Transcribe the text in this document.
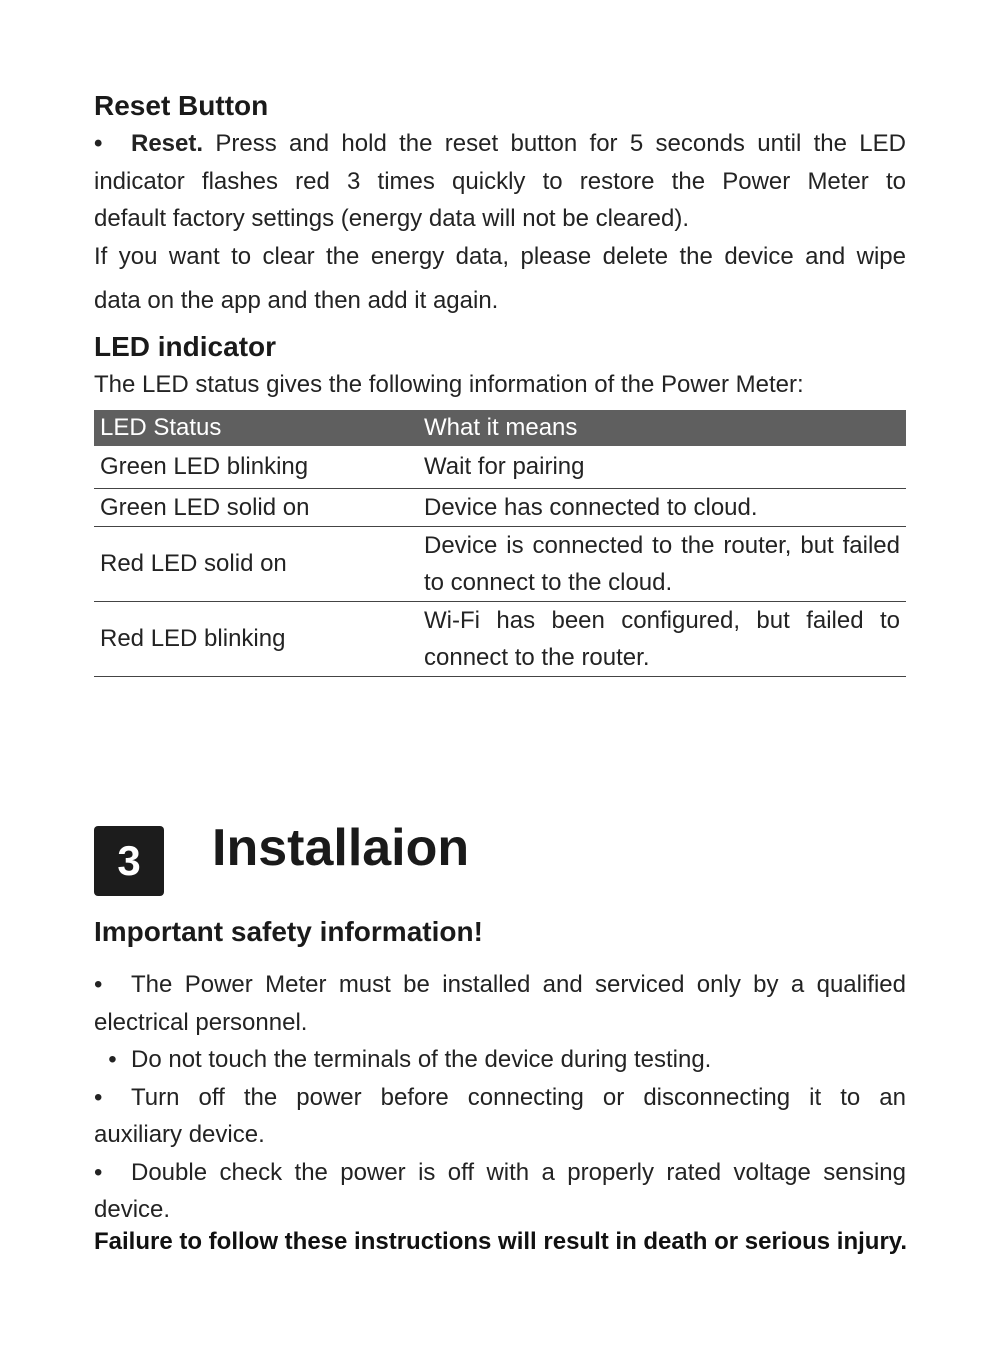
Reset Button
• Reset. Press and hold the reset button for 5 seconds until the LED
indicator flashes red 3 times quickly to restore the Power Meter to
default factory settings (energy data will not be cleared).
If you want to clear the energy data, please delete the device and wipe
data on the app and then add it again.
LED indicator
The LED status gives the following information of the Power Meter:
LED Status	What it means
Green LED blinking	Wait for pairing
Green LED solid on	Device has connected to cloud.
Red LED solid on	Device is connected to the router, but failed to connect to the cloud.
Red LED blinking	Wi-Fi has been configured, but failed to connect to the router.
3	Installaion
Important safety information!
• The Power Meter must be installed and serviced only by a qualified
electrical personnel.
• Do not touch the terminals of the device during testing.
• Turn off the power before connecting or disconnecting it to an
auxiliary device.
• Double check the power is off with a properly rated voltage sensing
device.
Failure to follow these instructions will result in death or serious injury.
